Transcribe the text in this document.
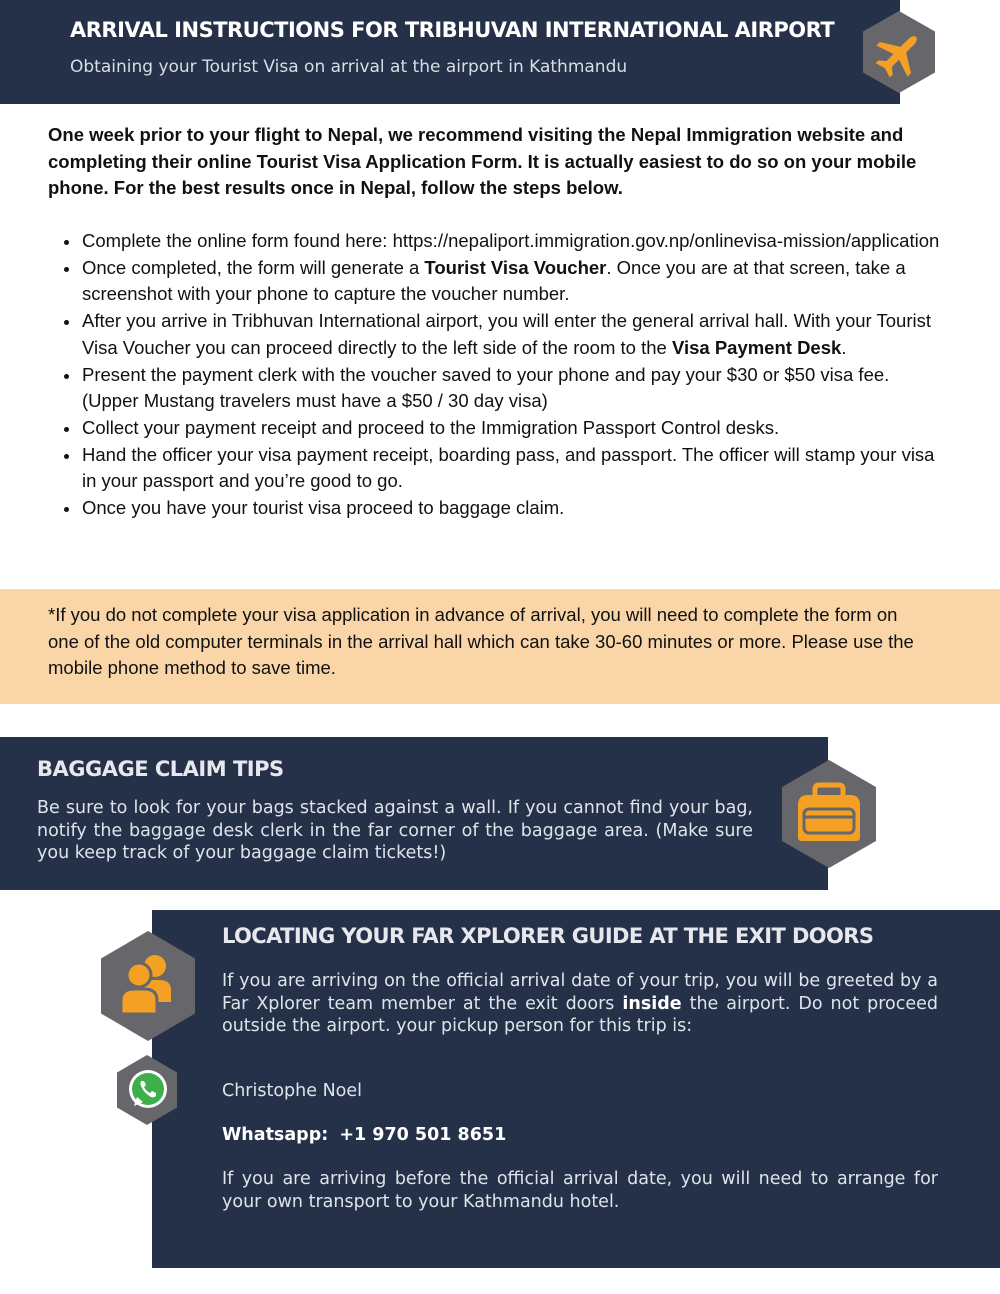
ARRIVAL INSTRUCTIONS FOR TRIBHUVAN INTERNATIONAL AIRPORT
Obtaining your Tourist Visa on arrival at the airport in Kathmandu

One week prior to your flight to Nepal, we recommend visiting the Nepal Immigration website and completing their online Tourist Visa Application Form. It is actually easiest to do so on your mobile phone. For the best results once in Nepal, follow the steps below.

Complete the online form found here: https://nepaliport.immigration.gov.np/onlinevisa-mission/application
Once completed, the form will generate a Tourist Visa Voucher. Once you are at that screen, take a screenshot with your phone to capture the voucher number.
After you arrive in Tribhuvan International airport, you will enter the general arrival hall. With your Tourist Visa Voucher you can proceed directly to the left side of the room to the Visa Payment Desk.
Present the payment clerk with the voucher saved to your phone and pay your $30 or $50 visa fee. (Upper Mustang travelers must have a $50 / 30 day visa)
Collect your payment receipt and proceed to the Immigration Passport Control desks.
Hand the officer your visa payment receipt, boarding pass, and passport. The officer will stamp your visa in your passport and you’re good to go.
Once you have your tourist visa proceed to baggage claim.

*If you do not complete your visa application in advance of arrival, you will need to complete the form on one of the old computer terminals in the arrival hall which can take 30-60 minutes or more. Please use the mobile phone method to save time.

BAGGAGE CLAIM TIPS

Be sure to look for your bags stacked against a wall. If you cannot find your bag, notify the baggage desk clerk in the far corner of the baggage area. (Make sure you keep track of your baggage claim tickets!)

LOCATING YOUR FAR XPLORER GUIDE AT THE EXIT DOORS

If you are arriving on the official arrival date of your trip, you will be greeted by a Far Xplorer team member at the exit doors inside the airport. Do not proceed outside the airport. your pickup person for this trip is:

Christophe Noel

Whatsapp: +1 970 501 8651

If you are arriving before the official arrival date, you will need to arrange for your own transport to your Kathmandu hotel.
